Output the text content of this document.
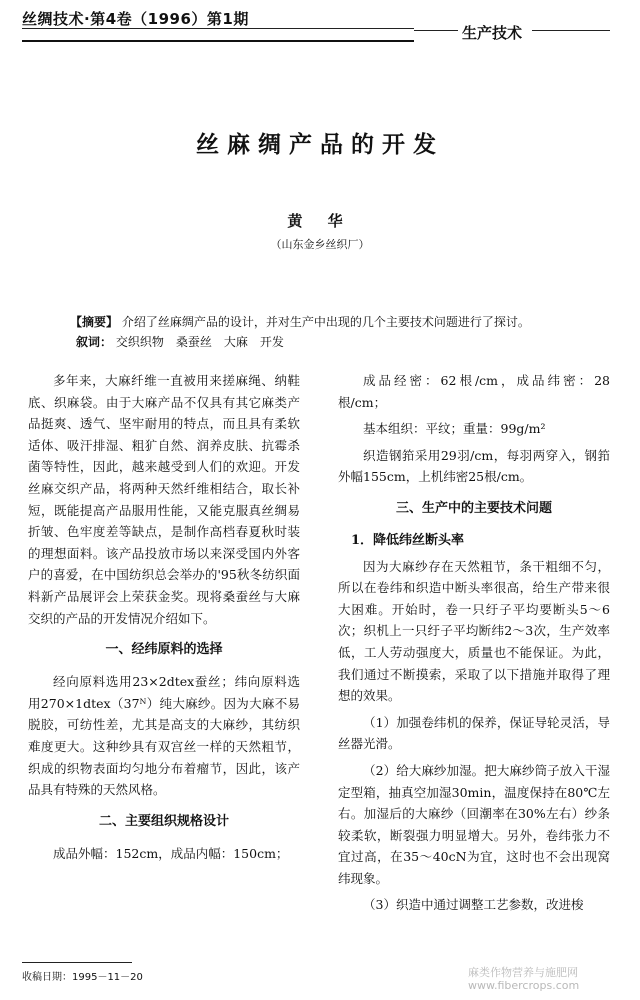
丝绸技术·第4卷（1996）第1期
生产技术
丝麻绸产品的开发
黄 华
（山东金乡丝织厂）
【摘要】 介绍了丝麻绸产品的设计，并对生产中出现的几个主要技术问题进行了探讨。
叙词： 交织织物　桑蚕丝　大麻　开发

多年来，大麻纤维一直被用来搓麻绳、纳鞋底、织麻袋。由于大麻产品不仅具有其它麻类产品挺爽、透气、坚牢耐用的特点，而且具有柔软适体、吸汗排湿、粗犷自然、润养皮肤、抗霉杀菌等特性，因此，越来越受到人们的欢迎。开发丝麻交织产品，将两种天然纤维相结合，取长补短，既能提高产品服用性能，又能克服真丝绸易折皱、色牢度差等缺点，是制作高档春夏秋时装的理想面料。该产品投放市场以来深受国内外客户的喜爱，在中国纺织总会举办的'95秋冬纺织面料新产品展评会上荣获金奖。现将桑蚕丝与大麻交织的产品的开发情况介绍如下。

一、经纬原料的选择

经向原料选用23×2dtex蚕丝；纬向原料选用270×1dtex（37ᴺ）纯大麻纱。因为大麻不易脱胶，可纺性差，尤其是高支的大麻纱，其纺织难度更大。这种纱具有双宫丝一样的天然粗节，织成的织物表面均匀地分布着瘤节，因此，该产品具有特殊的天然风格。

二、主要组织规格设计

成品外幅：152cm，成品内幅：150cm；

成品经密：62根/cm，成品纬密：28根/cm；

基本组织：平纹；重量：99g/m²

织造钢筘采用29羽/cm，每羽两穿入，钢筘外幅155cm，上机纬密25根/cm。

三、生产中的主要技术问题
1．降低纬丝断头率

因为大麻纱存在天然粗节，条干粗细不匀，所以在卷纬和织造中断头率很高，给生产带来很大困难。开始时，卷一只纡子平均要断头5～6次；织机上一只纡子平均断纬2～3次，生产效率低，工人劳动强度大，质量也不能保证。为此，我们通过不断摸索，采取了以下措施并取得了理想的效果。

（1）加强卷纬机的保养，保证导轮灵活，导丝器光滑。

（2）给大麻纱加湿。把大麻纱筒子放入干湿定型箱，抽真空加湿30min，温度保持在80℃左右。加湿后的大麻纱（回潮率在30%左右）纱条较柔软，断裂强力明显增大。另外，卷纬张力不宜过高，在35～40cN为宜，这时也不会出现窝纬现象。

（3）织造中通过调整工艺参数，改进梭

收稿日期：1995－11－20	麻类作物营养与施肥网
www.fibercrops.com
